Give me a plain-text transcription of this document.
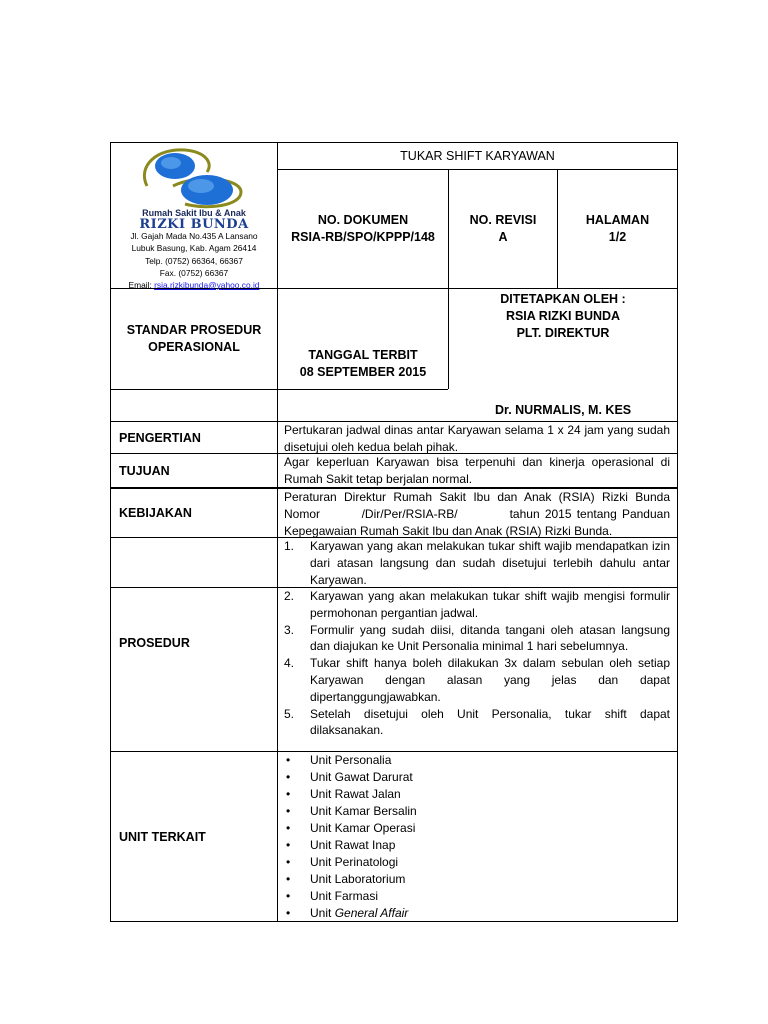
Rumah Sakit Ibu & Anak
RIZKI BUNDA
Jl. Gajah Mada No.435 A Lansano
Lubuk Basung, Kab. Agam 26414
Telp. (0752) 66364, 66367
Fax. (0752) 66367
Email: rsia.rizkibunda@yahoo.co.id
TUKAR SHIFT KARYAWAN
NO. DOKUMEN
RSIA-RB/SPO/KPPP/148
NO. REVISI
A
HALAMAN
1/2
STANDAR PROSEDUR
OPERASIONAL
TANGGAL TERBIT
08 SEPTEMBER 2015
DITETAPKAN OLEH :
RSIA RIZKI BUNDA
PLT. DIREKTUR
Dr. NURMALIS, M. KES
PENGERTIAN
Pertukaran jadwal dinas antar Karyawan selama 1 x 24 jam yang sudah disetujui oleh kedua belah pihak.
TUJUAN
Agar keperluan Karyawan bisa terpenuhi dan kinerja operasional di Rumah Sakit tetap berjalan normal.
KEBIJAKAN
Peraturan Direktur Rumah Sakit Ibu dan Anak (RSIA) Rizki Bunda Nomor        /Dir/Per/RSIA-RB/          tahun 2015 tentang Panduan Kepegawaian Rumah Sakit Ibu dan Anak (RSIA) Rizki Bunda.
PROSEDUR
1. Karyawan yang akan melakukan tukar shift wajib mendapatkan izin dari atasan langsung dan sudah disetujui terlebih dahulu antar Karyawan.
2. Karyawan yang akan melakukan tukar shift wajib mengisi formulir permohonan pergantian jadwal.
3. Formulir yang sudah diisi, ditanda tangani oleh atasan langsung dan diajukan ke Unit Personalia minimal 1 hari sebelumnya.
4. Tukar shift hanya boleh dilakukan 3x dalam sebulan oleh setiap Karyawan dengan alasan yang jelas dan dapat dipertanggungjawabkan.
5. Setelah disetujui oleh Unit Personalia, tukar shift dapat dilaksanakan.
UNIT TERKAIT
• Unit Personalia
• Unit Gawat Darurat
• Unit Rawat Jalan
• Unit Kamar Bersalin
• Unit Kamar Operasi
• Unit Rawat Inap
• Unit Perinatologi
• Unit Laboratorium
• Unit Farmasi
• Unit General Affair
